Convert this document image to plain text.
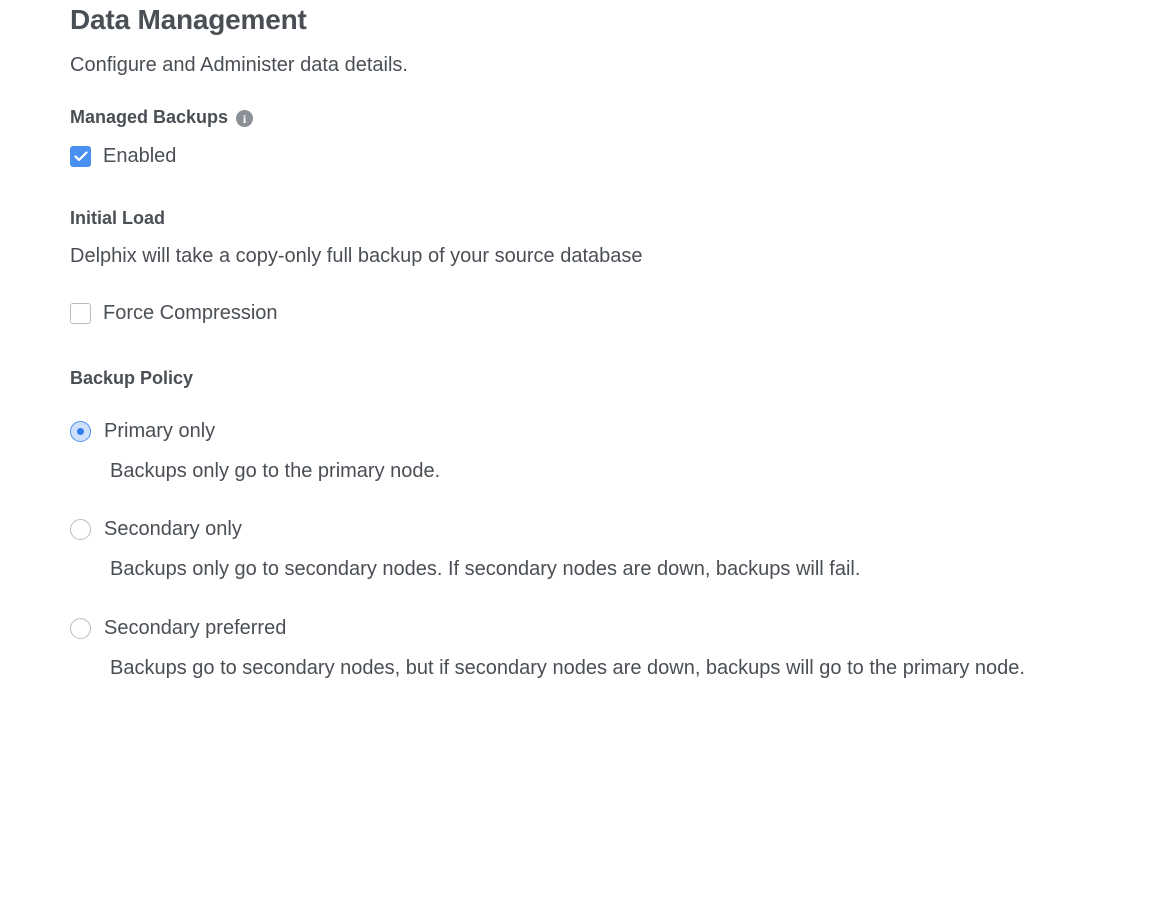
Data Management

Configure and Administer data details.

Managed Backups	i
Enabled
Initial Load
Delphix will take a copy-only full backup of your source database
Force Compression
Backup Policy
Primary only
Backups only go to the primary node.
Secondary only
Backups only go to secondary nodes. If secondary nodes are down, backups will fail.
Secondary preferred
Backups go to secondary nodes, but if secondary nodes are down, backups will go to the primary node.
